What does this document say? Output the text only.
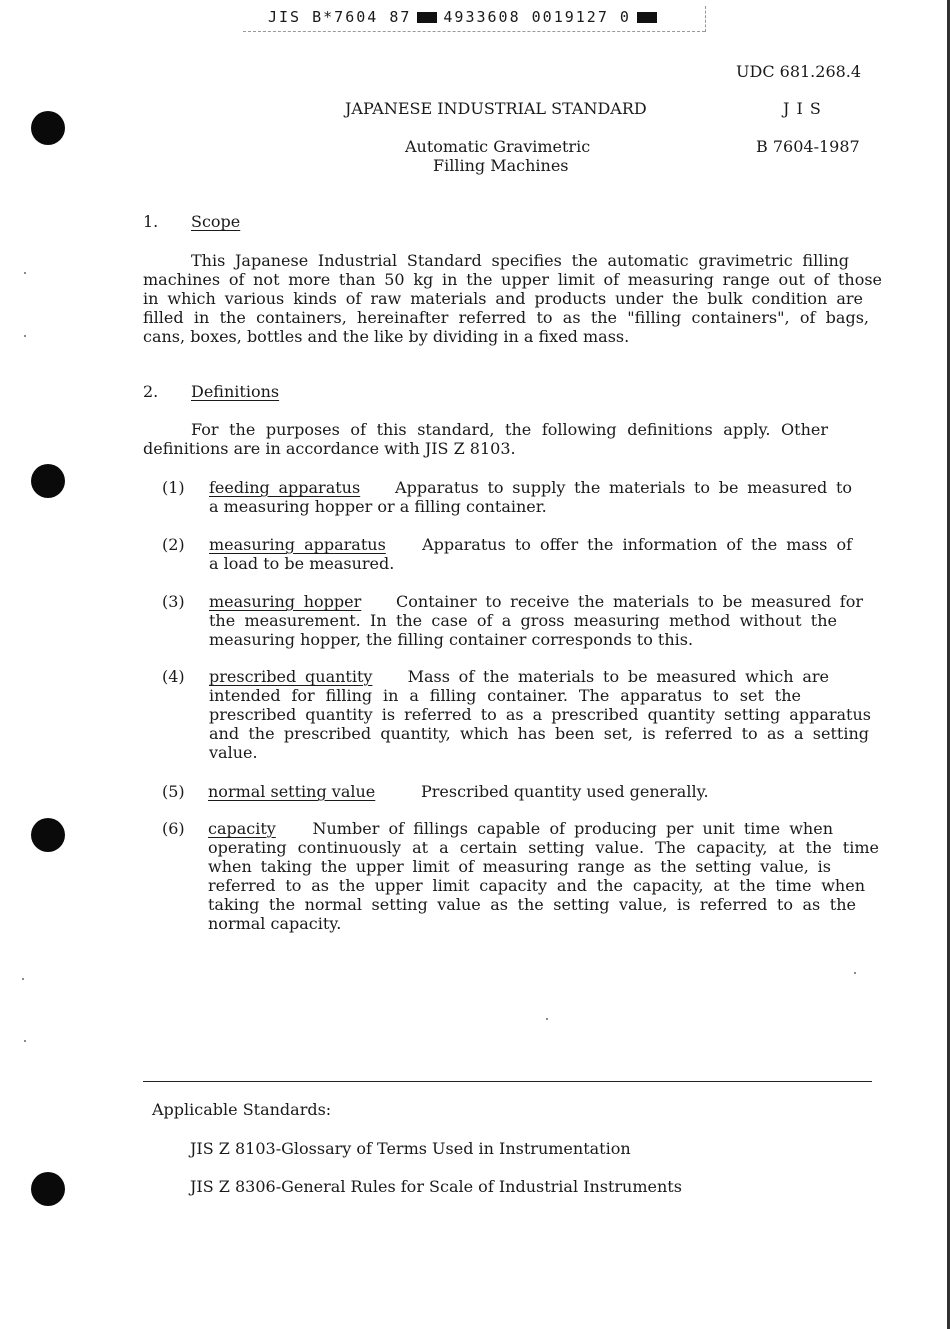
JIS B*7604 87 4933608 0019127 0
UDC 681.268.4
JAPANESE INDUSTRIAL STANDARD	J I S
Automatic Gravimetric
Filling Machines
B 7604-1987
1. Scope
This Japanese Industrial Standard specifies the automatic gravimetric filling
machines of not more than 50 kg in the upper limit of measuring range out of those
in which various kinds of raw materials and products under the bulk condition are
filled in the containers, hereinafter referred to as the "filling containers", of bags,
cans, boxes, bottles and the like by dividing in a fixed mass.
2. Definitions
For the purposes of this standard, the following definitions apply. Other
definitions are in accordance with JIS Z 8103.
(1) feeding apparatus Apparatus to supply the materials to be measured to
a measuring hopper or a filling container.
(2) measuring apparatus Apparatus to offer the information of the mass of
a load to be measured.
(3) measuring hopper Container to receive the materials to be measured for
the measurement. In the case of a gross measuring method without the
measuring hopper, the filling container corresponds to this.
(4) prescribed quantity Mass of the materials to be measured which are
intended for filling in a filling container. The apparatus to set the
prescribed quantity is referred to as a prescribed quantity setting apparatus
and the prescribed quantity, which has been set, is referred to as a setting
value.
(5) normal setting value	Prescribed quantity used generally.
(6) capacity Number of fillings capable of producing per unit time when
operating continuously at a certain setting value. The capacity, at the time
when taking the upper limit of measuring range as the setting value, is
referred to as the upper limit capacity and the capacity, at the time when
taking the normal setting value as the setting value, is referred to as the
normal capacity.
Applicable Standards:
JIS Z 8103-Glossary of Terms Used in Instrumentation
JIS Z 8306-General Rules for Scale of Industrial Instruments
